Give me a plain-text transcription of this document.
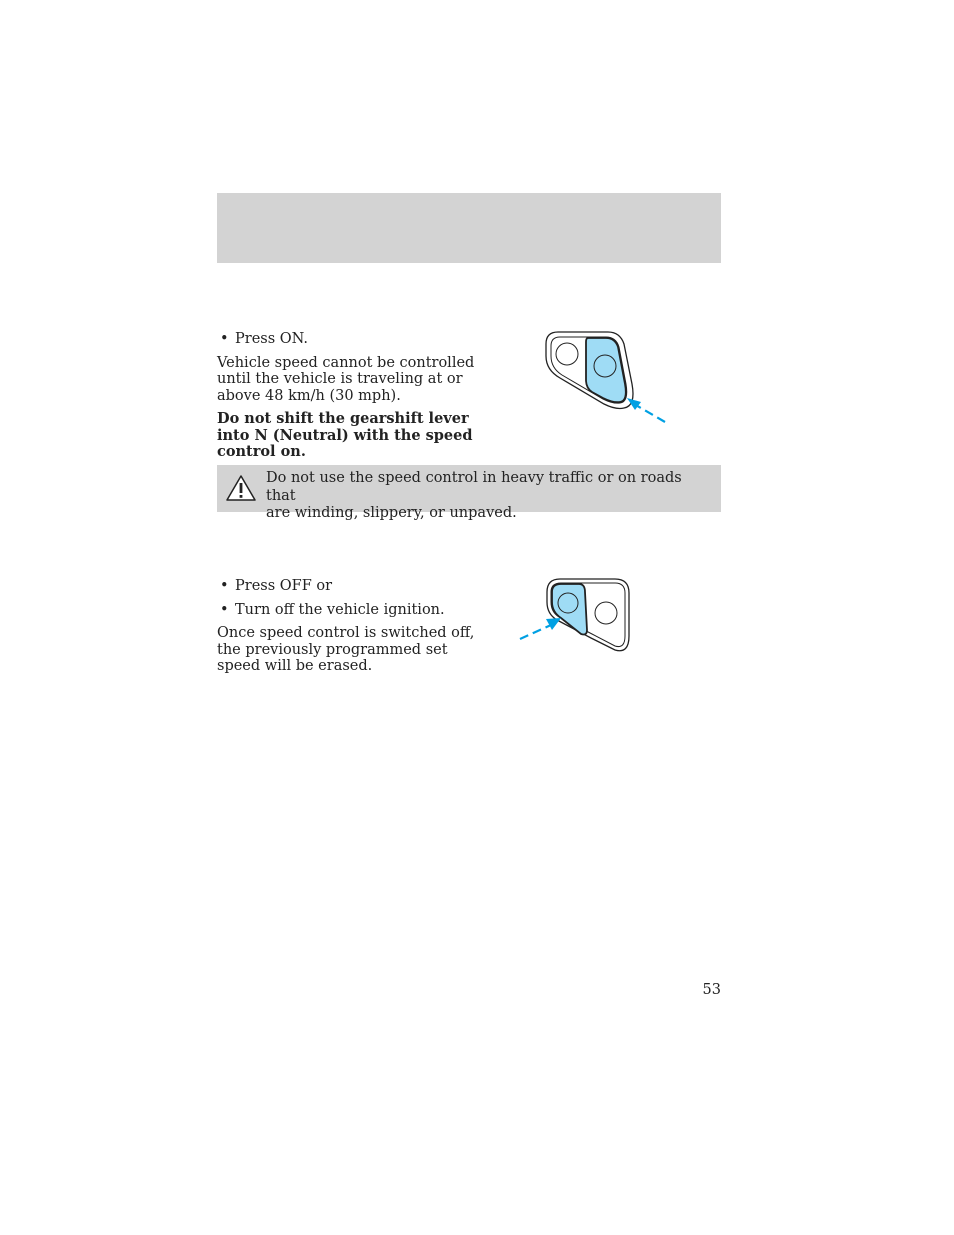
• Press ON.
Vehicle speed cannot be controlled
until the vehicle is traveling at or
above 48 km/h (30 mph).
Do not shift the gearshift lever
into N (Neutral) with the speed
control on.
Do not use the speed control in heavy traffic or on roads that
are winding, slippery, or unpaved.
• Press OFF or
• Turn off the vehicle ignition.
Once speed control is switched off,
the previously programmed set
speed will be erased.
53
